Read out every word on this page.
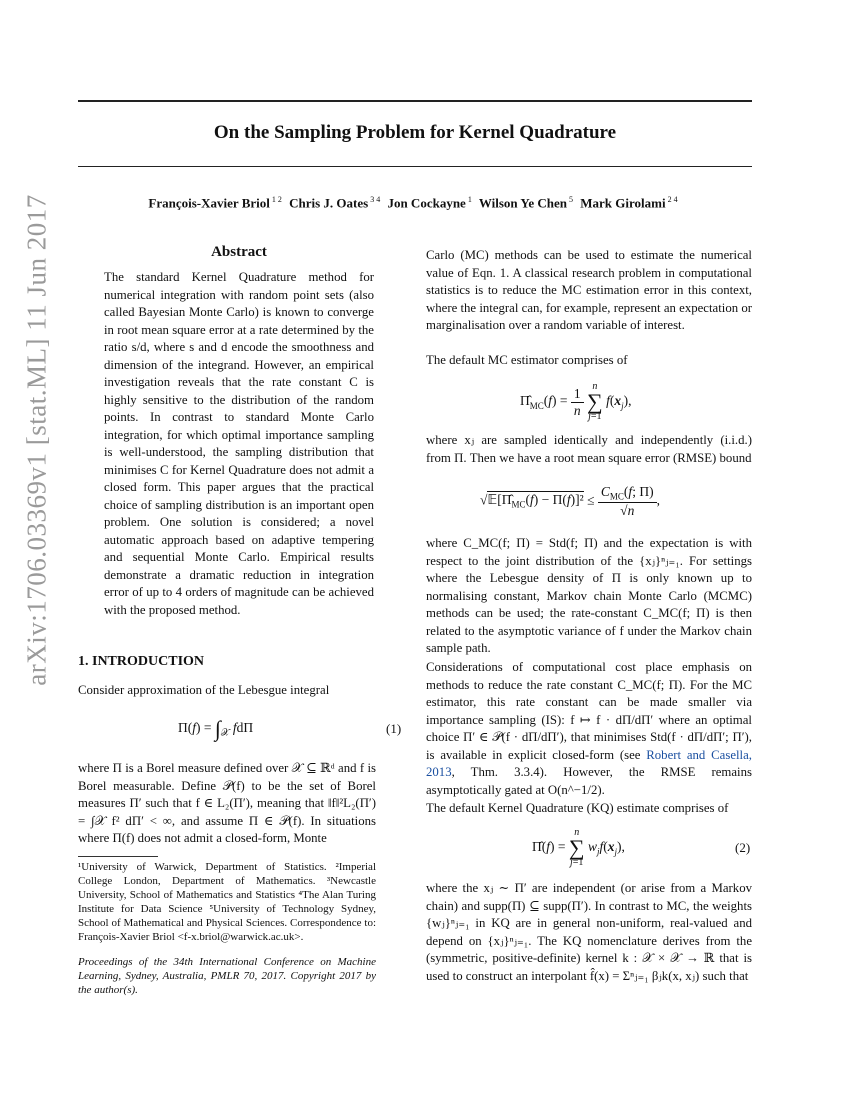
arXiv:1706.03369v1 [stat.ML] 11 Jun 2017
On the Sampling Problem for Kernel Quadrature
François-Xavier Briol $^{1 2}$ Chris J. Oates $^{3 4}$ Jon Cockayne $^1$ Wilson Ye Chen $^5$ Mark Girolami $^{2 4}$
Abstract
The standard Kernel Quadrature method for numerical integration with random point sets (also called Bayesian Monte Carlo) is known to converge in root mean square error at a rate determined by the ratio s/d, where s and d encode the smoothness and dimension of the integrand. However, an empirical investigation reveals that the rate constant C is highly sensitive to the distribution of the random points. In contrast to standard Monte Carlo integration, for which optimal importance sampling is well-understood, the sampling distribution that minimises C for Kernel Quadrature does not admit a closed form. This paper argues that the practical choice of sampling distribution is an important open problem. One solution is considered; a novel automatic approach based on adaptive tempering and sequential Monte Carlo. Empirical results demonstrate a dramatic reduction in integration error of up to 4 orders of magnitude can be achieved with the proposed method.
1. INTRODUCTION
Consider approximation of the Lebesgue integral
$\Pi(f) = \int_𝒳$ fdΠ	(1)
where Π is a Borel measure defined over 𝒳 ⊆ ℝᵈ and f is Borel measurable. Define 𝒫(f) to be the set of Borel measures Π′ such that f ∈ L₂(Π′), meaning that ‖f‖²L₂(Π′) = ∫𝒳 f² dΠ′ < ∞, and assume Π ∈ 𝒫(f). In situations where Π(f) does not admit a closed-form, Monte
¹University of Warwick, Department of Statistics. ²Imperial College London, Department of Mathematics. ³Newcastle University, School of Mathematics and Statistics ⁴The Alan Turing Institute for Data Science ⁵University of Technology Sydney, School of Mathematical and Physical Sciences. Correspondence to: François-Xavier Briol <f-x.briol@warwick.ac.uk>.
Proceedings of the 34th International Conference on Machine Learning, Sydney, Australia, PMLR 70, 2017. Copyright 2017 by the author(s).
Carlo (MC) methods can be used to estimate the numerical value of Eqn. 1. A classical research problem in computational statistics is to reduce the MC estimation error in this context, where the integral can, for example, represent an expectation or marginalisation over a random variable of interest.
The default MC estimator comprises of
$\Pî_{MC}(f) = \frac{1}{n}$ n
∑
j=1 $f(x_j)$,
where xⱼ are sampled identically and independently (i.i.d.) from Π. Then we have a root mean square error (RMSE) bound
$√𝔼[\Pî_{MC}(f) - \Pi(f)]^2 \le \frac{C_{MC}(f; \Pi)}{√n}$ ,
where C_MC(f; Π) = Std(f; Π) and the expectation is with respect to the joint distribution of the {xⱼ}ⁿⱼ₌₁. For settings where the Lebesgue density of Π is only known up to normalising constant, Markov chain Monte Carlo (MCMC) methods can be used; the rate-constant C_MC(f; Π) is then related to the asymptotic variance of f under the Markov chain sample path.
Considerations of computational cost place emphasis on methods to reduce the rate constant C_MC(f; Π). For the MC estimator, this rate constant can be made smaller via importance sampling (IS): f ↦ f · dΠ/dΠ′ where an optimal choice Π′ ∈ 𝒫(f · dΠ/dΠ′), that minimises Std(f · dΠ/dΠ′; Π′), is available in explicit closed-form (see Robert and Casella, 2013, Thm. 3.3.4). However, the RMSE remains asymptotically gated at O(n^−1/2).
The default Kernel Quadrature (KQ) estimate comprises of
Π̂(f) = n
∑
j=1 $w_jf(x_j)$,	(2)
where the xⱼ ∼ Π′ are independent (or arise from a Markov chain) and supp(Π) ⊆ supp(Π′). In contrast to MC, the weights {wⱼ}ⁿⱼ₌₁ in KQ are in general non-uniform, real-valued and depend on {xⱼ}ⁿⱼ₌₁. The KQ nomenclature derives from the (symmetric, positive-definite) kernel k : 𝒳 × 𝒳 → ℝ that is used to construct an interpolant f̂(x) = Σⁿⱼ₌₁ βⱼk(x, xⱼ) such that
